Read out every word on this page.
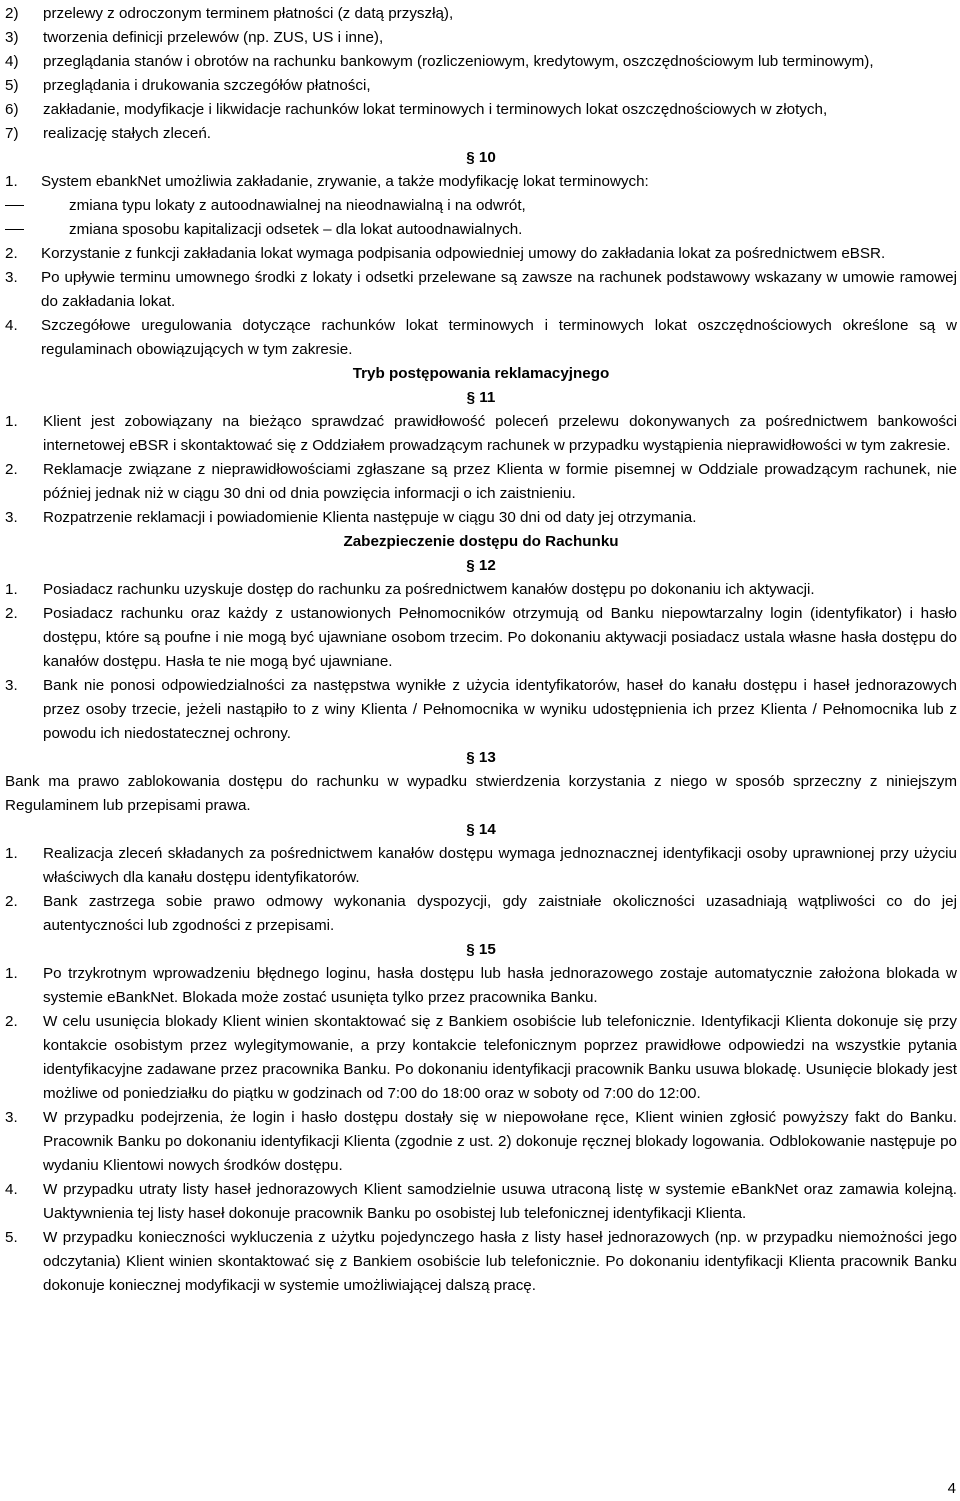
2) przelewy z odroczonym terminem płatności (z datą przyszłą),
3) tworzenia definicji przelewów (np. ZUS, US i inne),
4) przeglądania stanów i obrotów na rachunku bankowym (rozliczeniowym, kredytowym, oszczędnościowym lub terminowym),
5) przeglądania i drukowania szczegółów płatności,
6) zakładanie, modyfikacje i likwidacje rachunków lokat terminowych i terminowych lokat oszczędnościowych w złotych,
7) realizację stałych zleceń.
§ 10
1. System ebankNet umożliwia zakładanie, zrywanie, a także modyfikację lokat terminowych:
zmiana typu lokaty z autoodnawialnej na nieodnawialną i na odwrót,
zmiana sposobu kapitalizacji odsetek – dla lokat autoodnawialnych.
2. Korzystanie z funkcji zakładania lokat wymaga podpisania odpowiedniej umowy do zakładania lokat za pośrednictwem eBSR.
3. Po upływie terminu umownego środki z lokaty i odsetki przelewane są zawsze na rachunek podstawowy wskazany w umowie ramowej do zakładania lokat.
4. Szczegółowe uregulowania dotyczące rachunków lokat terminowych i terminowych lokat oszczędnościowych określone są w regulaminach obowiązujących w tym zakresie.
Tryb postępowania reklamacyjnego
§ 11
1. Klient jest zobowiązany na bieżąco sprawdzać prawidłowość poleceń przelewu dokonywanych za pośrednictwem bankowości internetowej eBSR i skontaktować się z Oddziałem prowadzącym rachunek w przypadku wystąpienia nieprawidłowości w tym zakresie.
2. Reklamacje związane z nieprawidłowościami zgłaszane są przez Klienta w formie pisemnej w Oddziale prowadzącym rachunek, nie później jednak niż w ciągu 30 dni od dnia powzięcia informacji o ich zaistnieniu.
3. Rozpatrzenie reklamacji i powiadomienie Klienta następuje w ciągu 30 dni od daty jej otrzymania.
Zabezpieczenie dostępu do Rachunku
§ 12
1. Posiadacz rachunku uzyskuje dostęp do rachunku za pośrednictwem kanałów dostępu po dokonaniu ich aktywacji.
2. Posiadacz rachunku oraz każdy z ustanowionych Pełnomocników otrzymują od Banku niepowtarzalny login (identyfikator) i hasło dostępu, które są poufne i nie mogą być ujawniane osobom trzecim. Po dokonaniu aktywacji posiadacz ustala własne hasła dostępu do kanałów dostępu. Hasła te nie mogą być ujawniane.
3. Bank nie ponosi odpowiedzialności za następstwa wynikłe z użycia identyfikatorów, haseł do kanału dostępu i haseł jednorazowych przez osoby trzecie, jeżeli nastąpiło to z winy Klienta / Pełnomocnika w wyniku udostępnienia ich przez Klienta / Pełnomocnika lub z powodu ich niedostatecznej ochrony.
§ 13
Bank ma prawo zablokowania dostępu do rachunku w wypadku stwierdzenia korzystania z niego w sposób sprzeczny z niniejszym Regulaminem lub przepisami prawa.
§ 14
1. Realizacja zleceń składanych za pośrednictwem kanałów dostępu wymaga jednoznacznej identyfikacji osoby uprawnionej przy użyciu właściwych dla kanału dostępu identyfikatorów.
2. Bank zastrzega sobie prawo odmowy wykonania dyspozycji, gdy zaistniałe okoliczności uzasadniają wątpliwości co do jej autentyczności lub zgodności z przepisami.
§ 15
1. Po trzykrotnym wprowadzeniu błędnego loginu, hasła dostępu lub hasła jednorazowego zostaje automatycznie założona blokada w systemie eBankNet. Blokada może zostać usunięta tylko przez pracownika Banku.
2. W celu usunięcia blokady Klient winien skontaktować się z Bankiem osobiście lub telefonicznie. Identyfikacji Klienta dokonuje się przy kontakcie osobistym przez wylegitymowanie, a przy kontakcie telefonicznym poprzez prawidłowe odpowiedzi na wszystkie pytania identyfikacyjne zadawane przez pracownika Banku. Po dokonaniu identyfikacji pracownik Banku usuwa blokadę. Usunięcie blokady jest możliwe od poniedziałku do piątku w godzinach od 7:00 do 18:00 oraz w soboty od 7:00 do 12:00.
3. W przypadku podejrzenia, że login i hasło dostępu dostały się w niepowołane ręce, Klient winien zgłosić powyższy fakt do Banku. Pracownik Banku po dokonaniu identyfikacji Klienta (zgodnie z ust. 2) dokonuje ręcznej blokady logowania. Odblokowanie następuje po wydaniu Klientowi nowych środków dostępu.
4. W przypadku utraty listy haseł jednorazowych Klient samodzielnie usuwa utraconą listę w systemie eBankNet oraz zamawia kolejną. Uaktywnienia tej listy haseł dokonuje pracownik Banku po osobistej lub telefonicznej identyfikacji Klienta.
5. W przypadku konieczności wykluczenia z użytku pojedynczego hasła z listy haseł jednorazowych (np. w przypadku niemożności jego odczytania) Klient winien skontaktować się z Bankiem osobiście lub telefonicznie. Po dokonaniu identyfikacji Klienta pracownik Banku dokonuje koniecznej modyfikacji w systemie umożliwiającej dalszą pracę.
4
